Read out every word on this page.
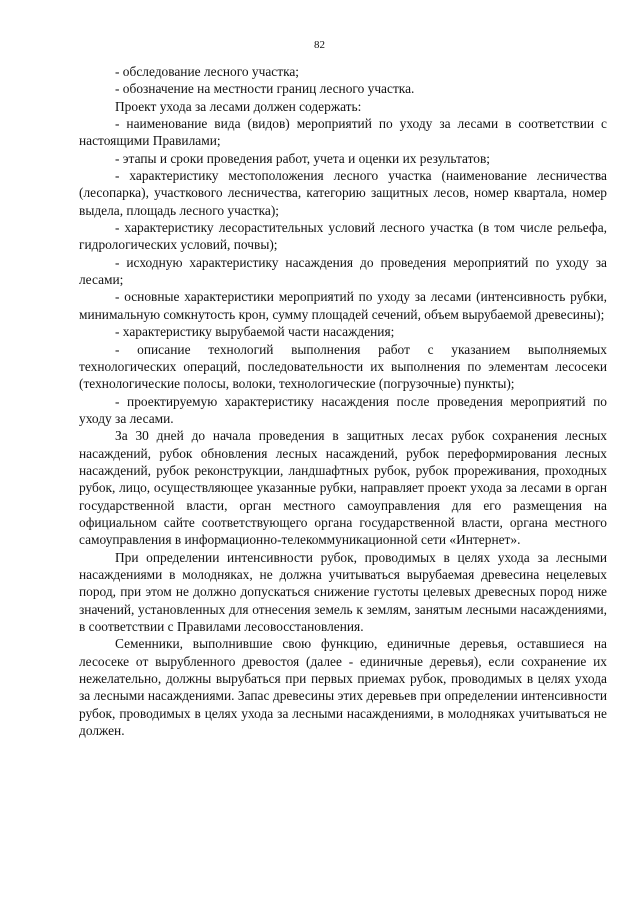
82

- обследование лесного участка;

- обозначение на местности границ лесного участка.

Проект ухода за лесами должен содержать:

- наименование вида (видов) мероприятий по уходу за лесами в соответствии с настоящими Правилами;

- этапы и сроки проведения работ, учета и оценки их результатов;

- характеристику местоположения лесного участка (наименование лесничества (лесопарка), участкового лесничества, категорию защитных лесов, номер квартала, номер выдела, площадь лесного участка);

- характеристику лесорастительных условий лесного участка (в том числе рельефа, гидрологических условий, почвы);

- исходную характеристику насаждения до проведения мероприятий по уходу за лесами;

- основные характеристики мероприятий по уходу за лесами (интенсивность рубки, минимальную сомкнутость крон, сумму площадей сечений, объем вырубаемой древесины);

- характеристику вырубаемой части насаждения;

- описание технологий выполнения работ с указанием выполняемых технологических операций, последовательности их выполнения по элементам лесосеки (технологические полосы, волоки, технологические (погрузочные) пункты);

- проектируемую характеристику насаждения после проведения мероприятий по уходу за лесами.

За 30 дней до начала проведения в защитных лесах рубок сохранения лесных насаждений, рубок обновления лесных насаждений, рубок переформирования лесных насаждений, рубок реконструкции, ландшафтных рубок, рубок прореживания, проходных рубок, лицо, осуществляющее указанные рубки, направляет проект ухода за лесами в орган государственной власти, орган местного самоуправления для его размещения на официальном сайте соответствующего органа государственной власти, органа местного самоуправления в информационно-телекоммуникационной сети «Интернет».

При определении интенсивности рубок, проводимых в целях ухода за лесными насаждениями в молодняках, не должна учитываться вырубаемая древесина нецелевых пород, при этом не должно допускаться снижение густоты целевых древесных пород ниже значений, установленных для отнесения земель к землям, занятым лесными насаждениями, в соответствии с Правилами лесовосстановления.

Семенники, выполнившие свою функцию, единичные деревья, оставшиеся на лесосеке от вырубленного древостоя (далее - единичные деревья), если сохранение их нежелательно, должны вырубаться при первых приемах рубок, проводимых в целях ухода за лесными насаждениями. Запас древесины этих деревьев при определении интенсивности рубок, проводимых в целях ухода за лесными насаждениями, в молодняках учитываться не должен.
